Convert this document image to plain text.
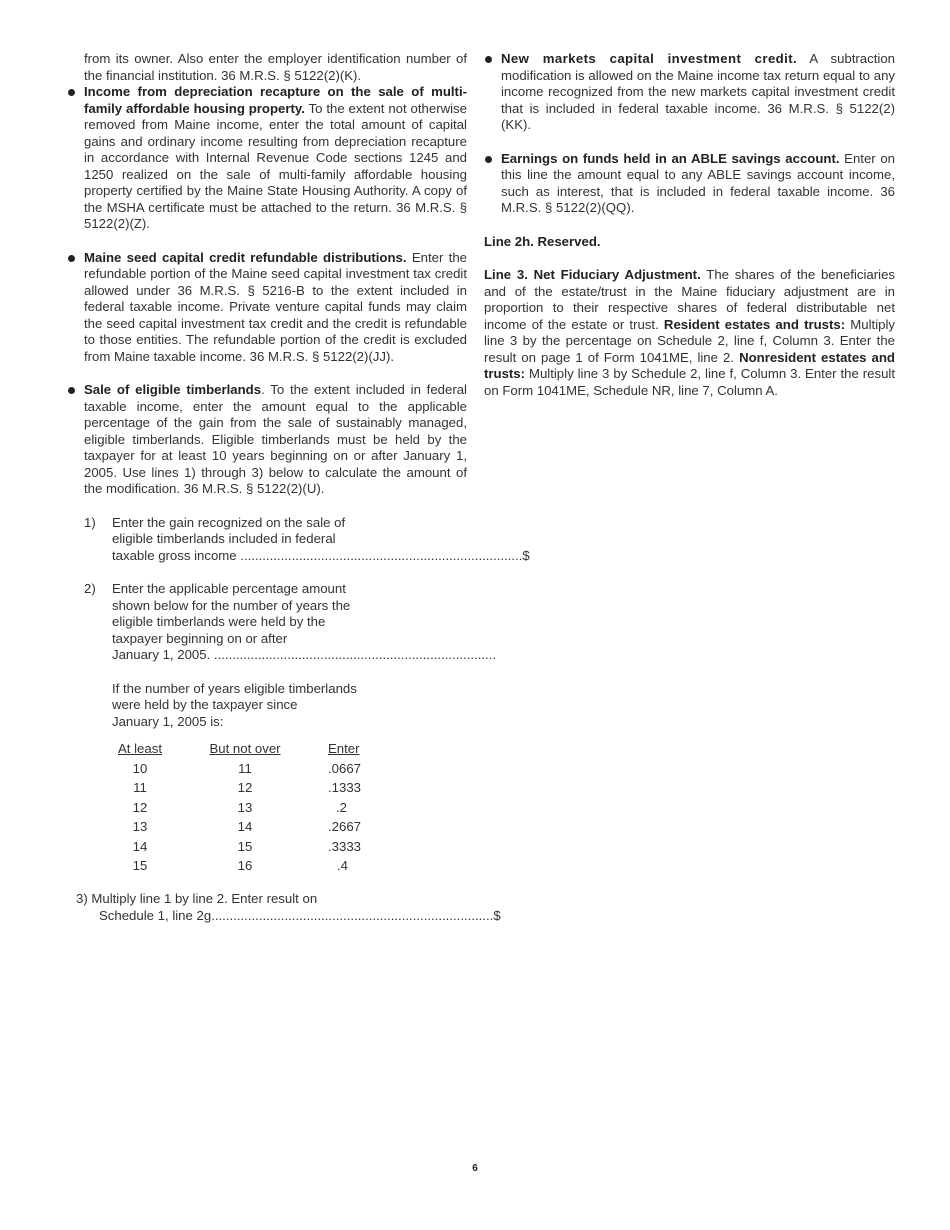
from its owner. Also enter the employer identification number of the financial institution. 36 M.R.S. § 5122(2)(K).

Income from depreciation recapture on the sale of multi-family affordable housing property. To the extent not otherwise removed from Maine income, enter the total amount of capital gains and ordinary income resulting from depreciation recapture in accordance with Internal Revenue Code sections 1245 and 1250 realized on the sale of multi-family affordable housing property certified by the Maine State Housing Authority. A copy of the MSHA certificate must be attached to the return. 36 M.R.S. § 5122(2)(Z).

Maine seed capital credit refundable distributions. Enter the refundable portion of the Maine seed capital investment tax credit allowed under 36 M.R.S. § 5216-B to the extent included in federal taxable income. Private venture capital funds may claim the seed capital investment tax credit and the credit is refundable to those entities. The refundable portion of the credit is excluded from Maine taxable income. 36 M.R.S. § 5122(2)(JJ).

Sale of eligible timberlands. To the extent included in federal taxable income, enter the amount equal to the applicable percentage of the gain from the sale of sustainably managed, eligible timberlands. Eligible timberlands must be held by the taxpayer for at least 10 years beginning on or after January 1, 2005. Use lines 1) through 3) below to calculate the amount of the modification. 36 M.R.S. § 5122(2)(U).

1) Enter the gain recognized on the sale of
eligible timberlands included in federal
taxable gross income ............................................................................. $
2) Enter the applicable percentage amount
shown below for the number of years the
eligible timberlands were held by the
taxpayer beginning on or after
January 1, 2005. .............................................................................
If the number of years eligible timberlands
were held by the taxpayer since
January 1, 2005 is:
At least	But not over	Enter
10	11	.0667
11	12	.1333
12	13	.2
13	14	.2667
14	15	.3333
15	16	.4
3) Multiply line 1 by line 2. Enter result on
Schedule 1, line 2g ............................................................................. $

New markets capital investment credit. A subtraction modification is allowed on the Maine income tax return equal to any income recognized from the new markets capital investment credit that is included in federal taxable income. 36 M.R.S. § 5122(2)(KK).

Earnings on funds held in an ABLE savings account. Enter on this line the amount equal to any ABLE savings account income, such as interest, that is included in federal taxable income. 36 M.R.S. § 5122(2)(QQ).

Line 2h. Reserved.

Line 3. Net Fiduciary Adjustment. The shares of the beneficiaries and of the estate/trust in the Maine fiduciary adjustment are in proportion to their respective shares of federal distributable net income of the estate or trust. Resident estates and trusts: Multiply line 3 by the percentage on Schedule 2, line f, Column 3. Enter the result on page 1 of Form 1041ME, line 2. Nonresident estates and trusts: Multiply line 3 by Schedule 2, line f, Column 3. Enter the result on Form 1041ME, Schedule NR, line 7, Column A.

6
